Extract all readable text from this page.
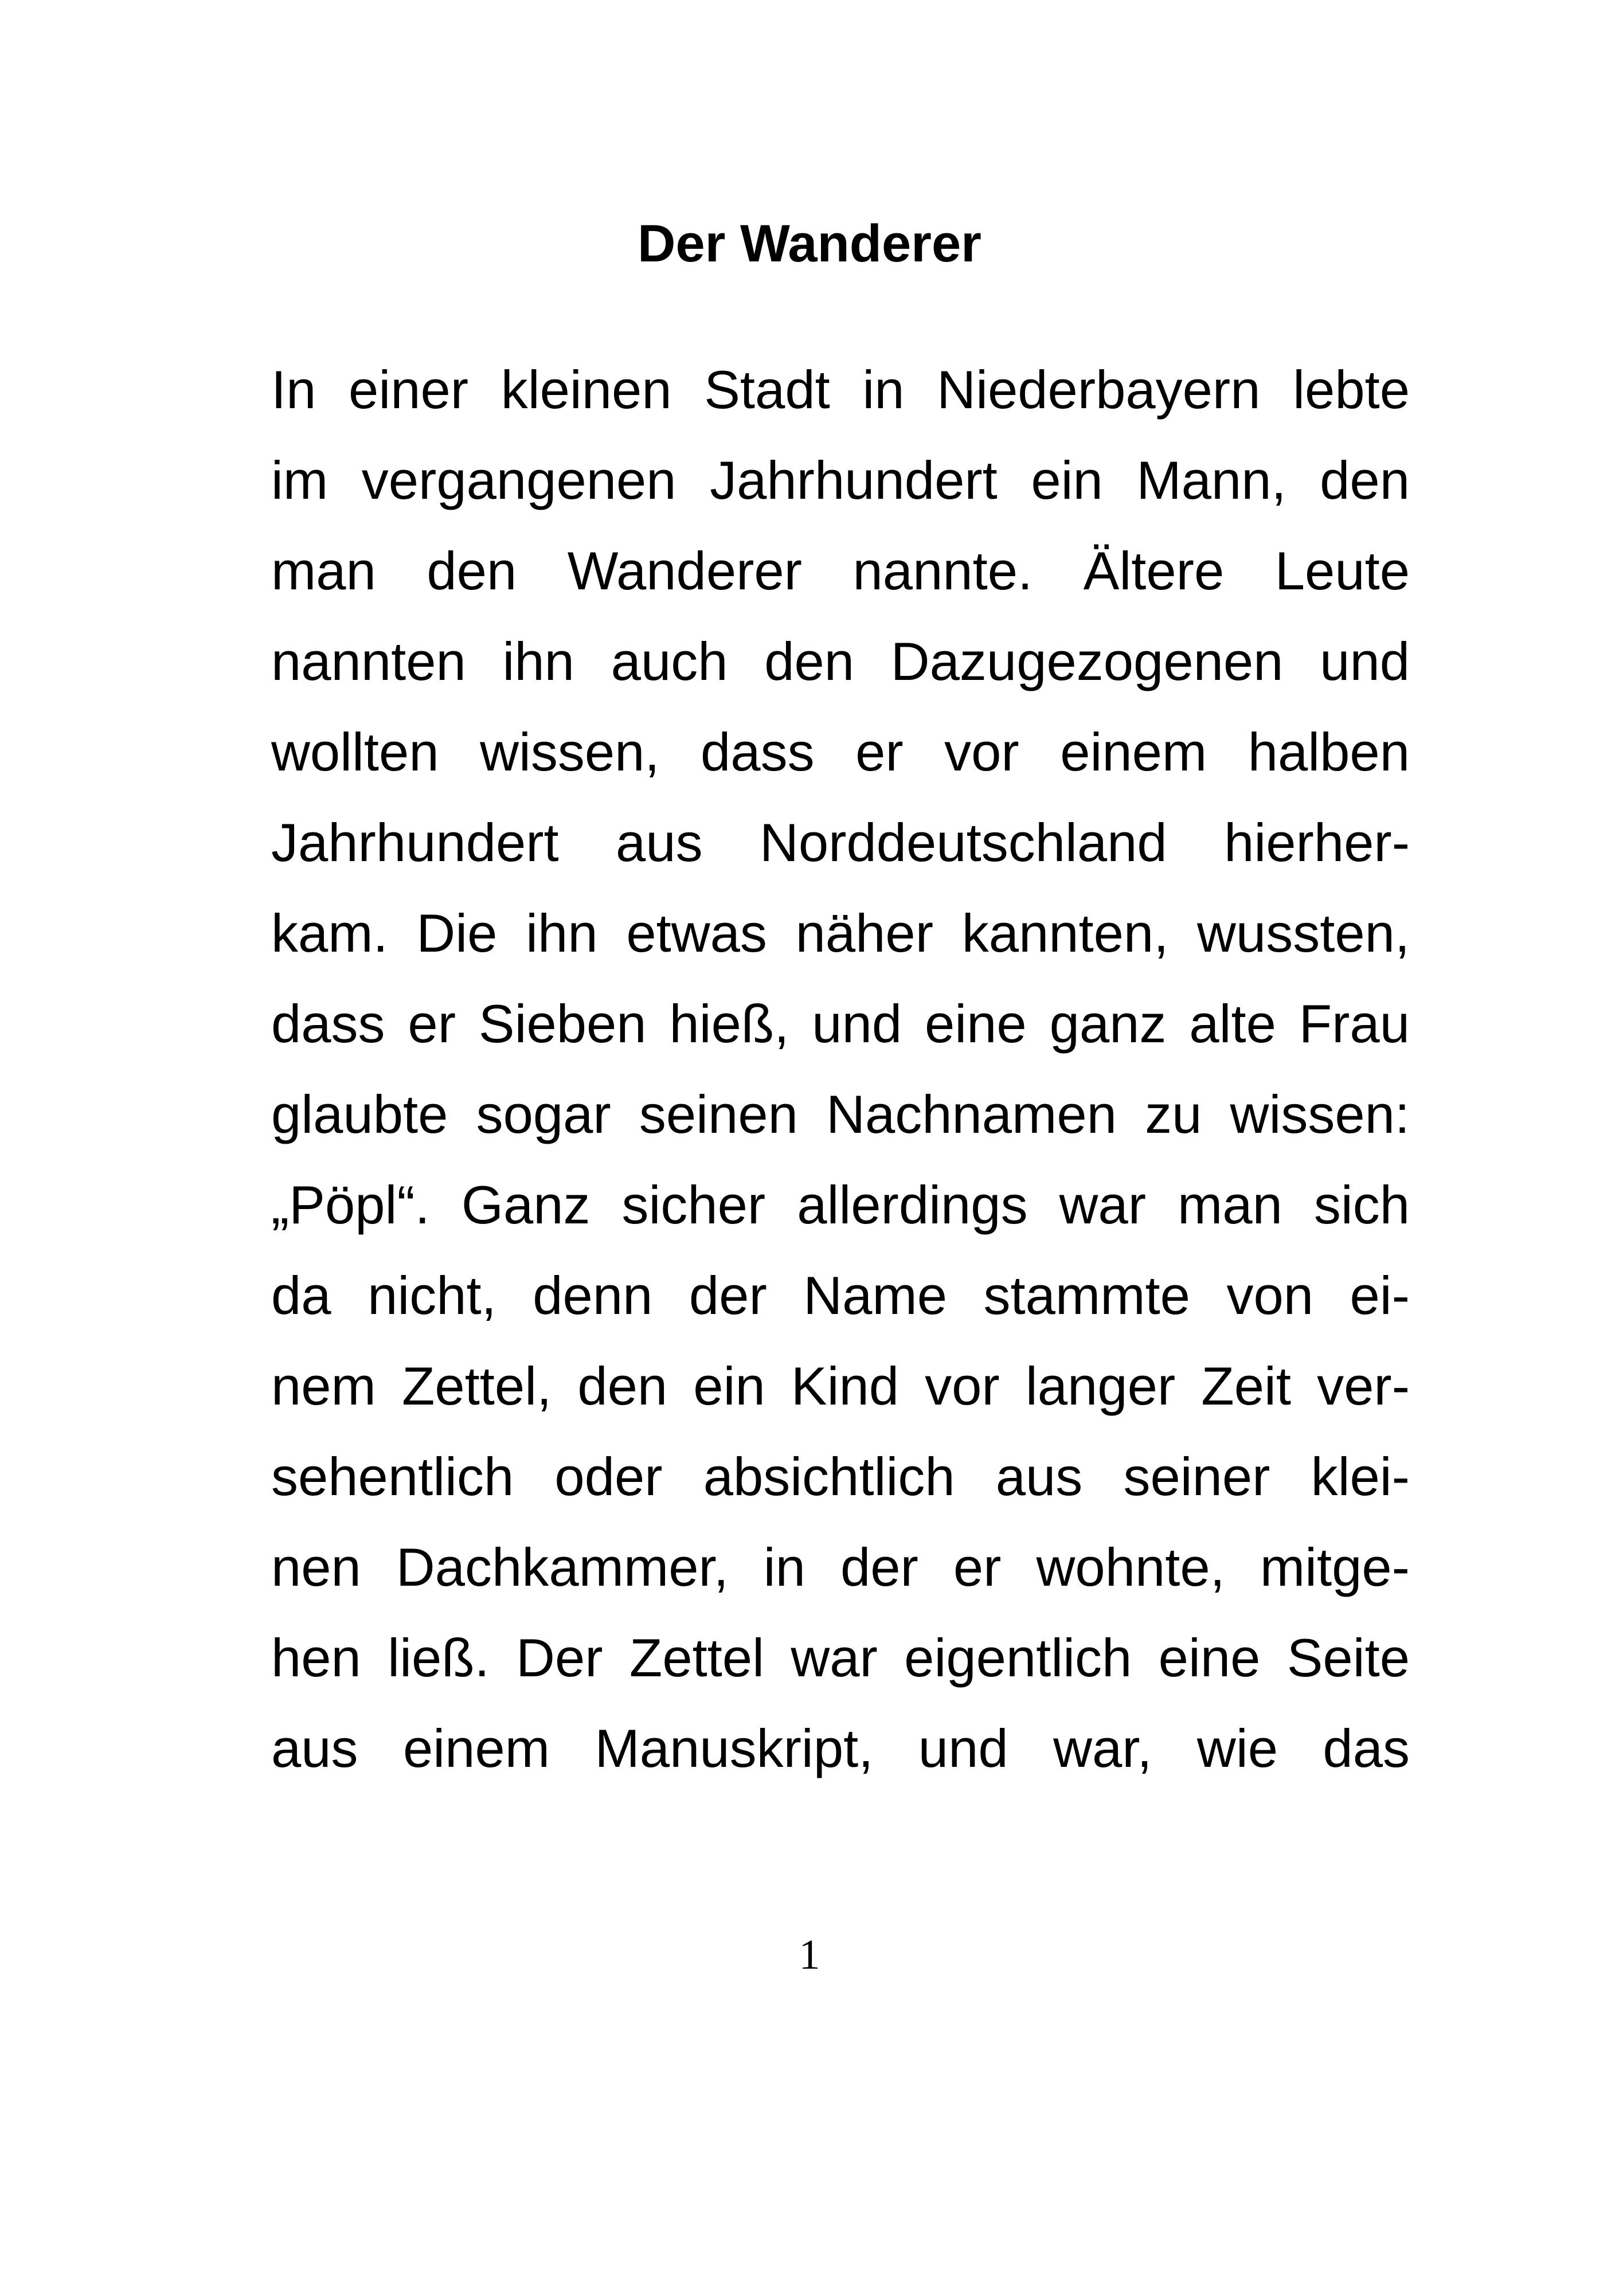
Der Wanderer
In einer kleinen Stadt in Niederbayern lebte
im vergangenen Jahrhundert ein Mann, den
man den Wanderer nannte. Ältere Leute
nannten ihn auch den Dazugezogenen und
wollten wissen, dass er vor einem halben
Jahrhundert aus Norddeutschland hierher-
kam. Die ihn etwas näher kannten, wussten,
dass er Sieben hieß, und eine ganz alte Frau
glaubte sogar seinen Nachnamen zu wissen:
„Pöpl“. Ganz sicher allerdings war man sich
da nicht, denn der Name stammte von ei-
nem Zettel, den ein Kind vor langer Zeit ver-
sehentlich oder absichtlich aus seiner klei-
nen Dachkammer, in der er wohnte, mitge-
hen ließ. Der Zettel war eigentlich eine Seite
aus einem Manuskript, und war, wie das
1
